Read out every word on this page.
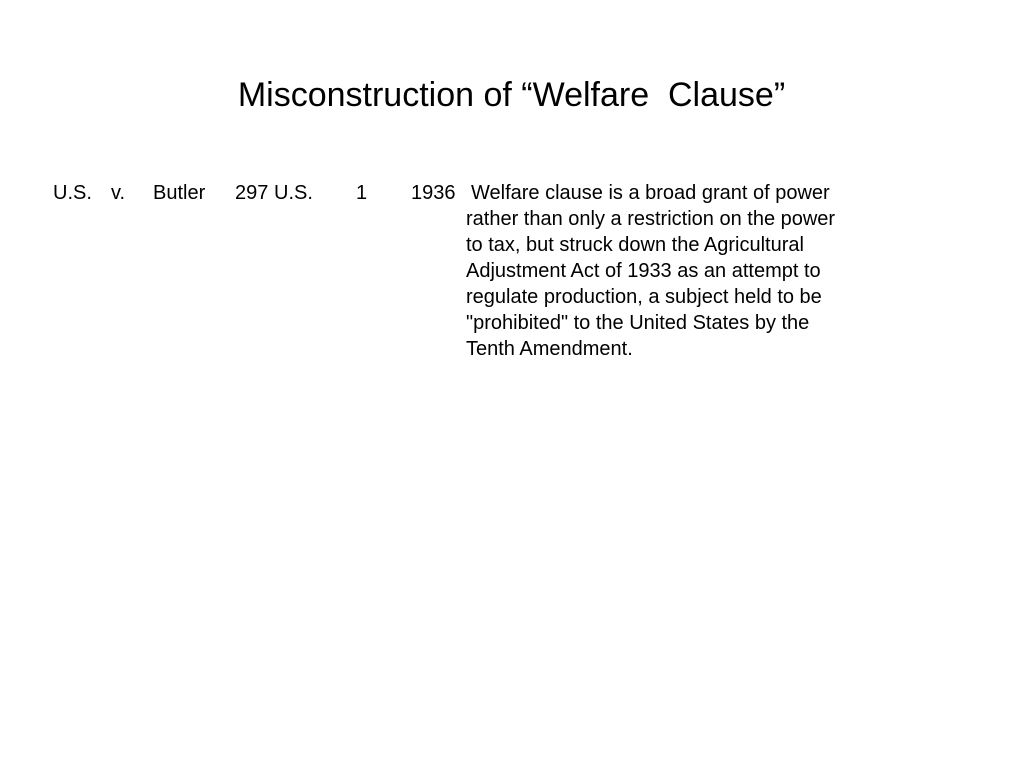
Misconstruction of “Welfare  Clause”
U.S. v. Butler 297 U.S. 1 1936 Welfare clause is a broad grant of power
rather than only a restriction on the power
to tax, but struck down the Agricultural
Adjustment Act of 1933 as an attempt to
regulate production, a subject held to be
"prohibited" to the United States by the
Tenth Amendment.
